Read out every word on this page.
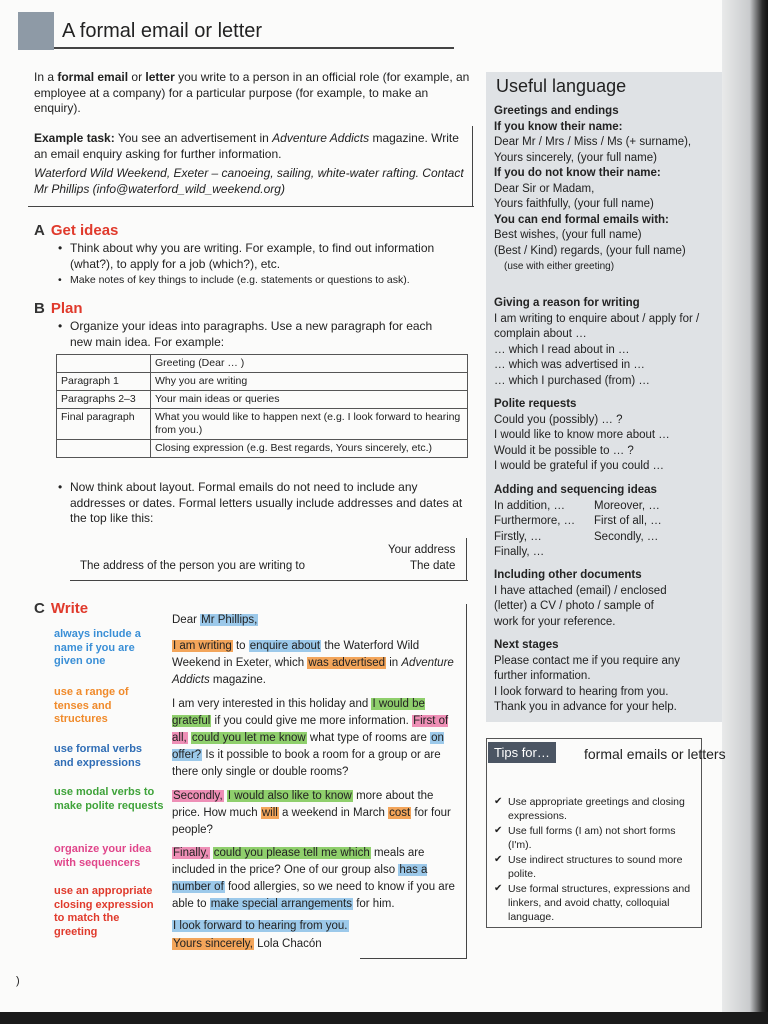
A formal email or letter

In a formal email or letter you write to a person in an official role (for example, an employee at a company) for a particular purpose (for example, to make an enquiry).

Example task: You see an advertisement in Adventure Addicts magazine. Write an email enquiry asking for further information.

Waterford Wild Weekend, Exeter – canoeing, sailing, white-water rafting. Contact Mr Phillips (info@waterford_wild_weekend.org)

A Get ideas
• Think about why you are writing. For example, to find out information (what?), to apply for a job (which?), etc.
• Make notes of key things to include (e.g. statements or questions to ask).
B Plan
• Organize your ideas into paragraphs. Use a new paragraph for each new main idea. For example:
	Greeting (Dear … )
Paragraph 1	Why you are writing
Paragraphs 2–3	Your main ideas or queries
Final paragraph	What you would like to happen next (e.g. I look forward to hearing from you.)
	Closing expression (e.g. Best regards, Yours sincerely, etc.)
• Now think about layout. Formal emails do not need to include any addresses or dates. Formal letters usually include addresses and dates at the top like this:
Your address
The address of the person you are writing to	The date
C Write
always include a name if you are given one
use a range of tenses and structures
use formal verbs and expressions
use modal verbs to make polite requests
organize your idea with sequencers
use an appropriate closing expression to match the greeting
Dear Mr Phillips,
I am writing to enquire about the Waterford Wild Weekend in Exeter, which was advertised in Adventure Addicts magazine.
I am very interested in this holiday and I would be grateful if you could give me more information. First of all, could you let me know what type of rooms are on offer? Is it possible to book a room for a group or are there only single or double rooms?
Secondly, I would also like to know more about the price. How much will a weekend in March cost for four people?
Finally, could you please tell me which meals are included in the price? One of our group also has a number of food allergies, so we need to know if you are able to make special arrangements for him.
I look forward to hearing from you.
Yours sincerely, Lola Chacón
Useful language
Greetings and endings
If you know their name:
Dear Mr / Mrs / Miss / Ms (+ surname),
Yours sincerely, (your full name)
If you do not know their name:
Dear Sir or Madam,
Yours faithfully, (your full name)
You can end formal emails with:
Best wishes, (your full name)
(Best / Kind) regards, (your full name)
(use with either greeting)
Giving a reason for writing
I am writing to enquire about / apply for / complain about …
… which I read about in …
… which was advertised in …
… which I purchased (from) …
Polite requests
Could you (possibly) … ?
I would like to know more about …
Would it be possible to … ?
I would be grateful if you could …
Adding and sequencing ideas
In addition, …	Moreover, …
Furthermore, …	First of all, …
Firstly, …	Secondly, …
Finally, …
Including other documents
I have attached (email) / enclosed (letter) a CV / photo / sample of work for your reference.
Next stages
Please contact me if you require any further information.
I look forward to hearing from you.
Thank you in advance for your help.
Tips for…	formal emails or letters
✔ Use appropriate greetings and closing expressions.
✔ Use full forms (I am) not short forms (I'm).
✔ Use indirect structures to sound more polite.
✔ Use formal structures, expressions and linkers, and avoid chatty, colloquial language.
)
